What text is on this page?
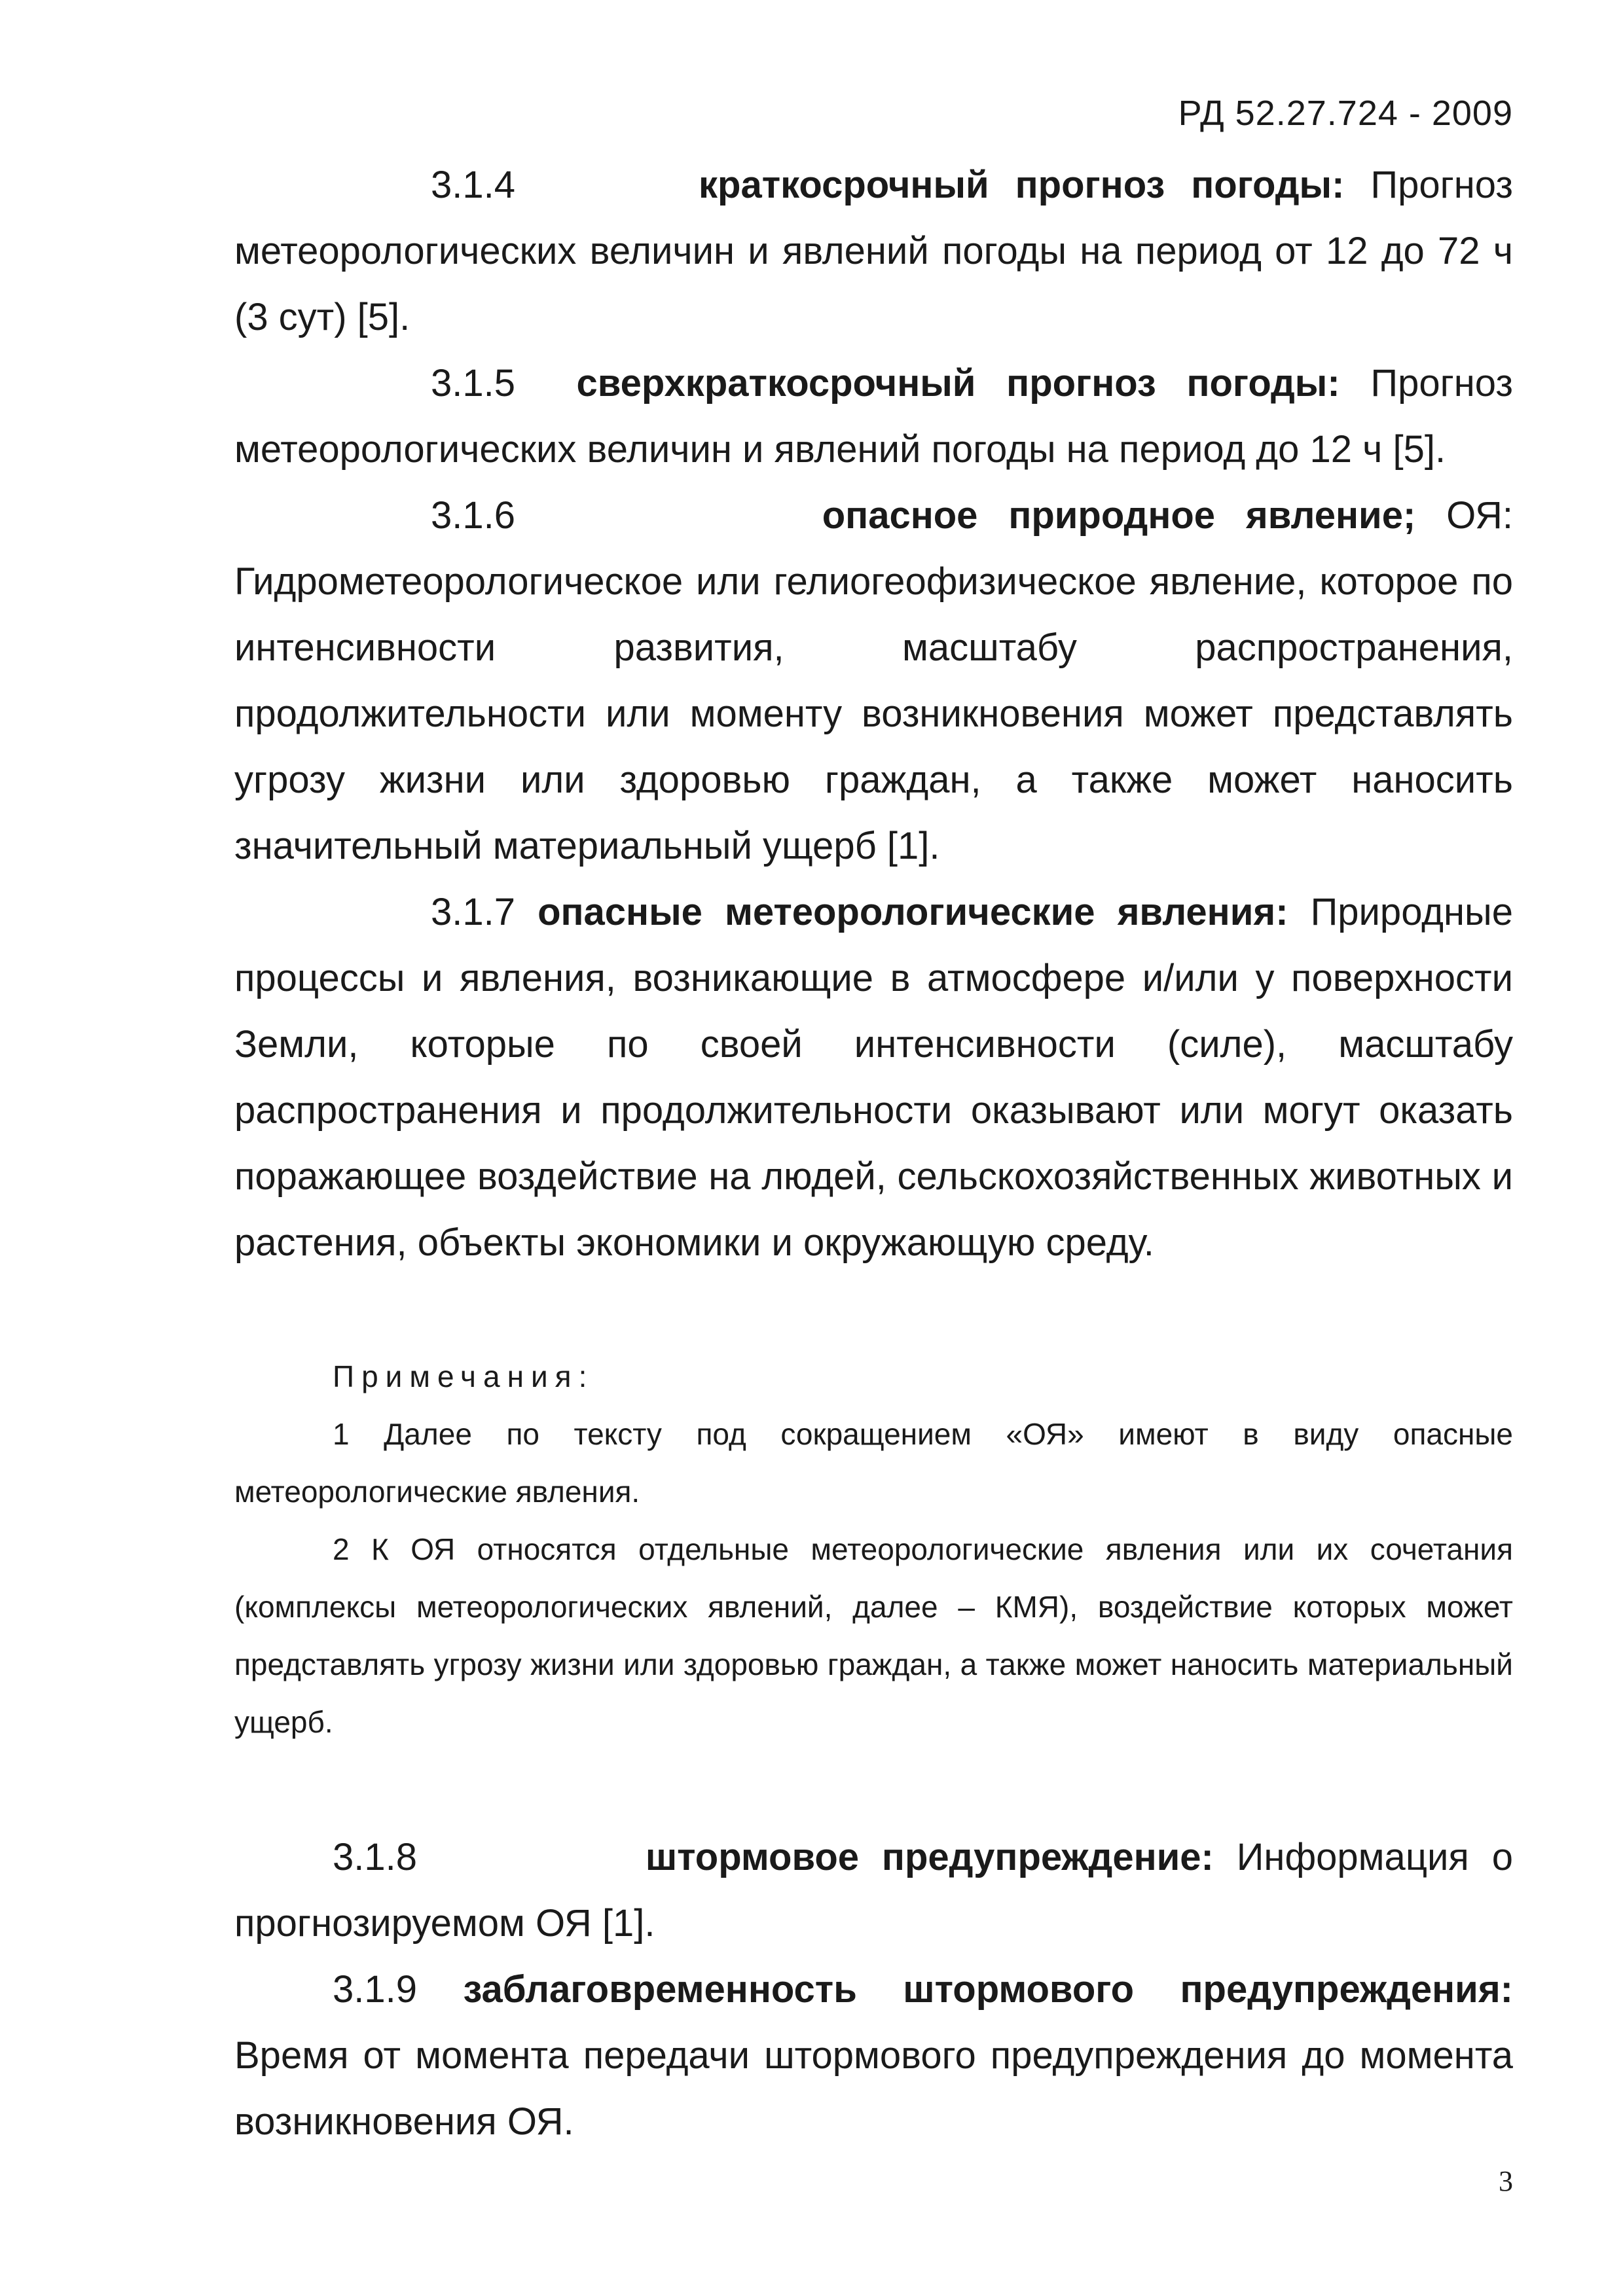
РД 52.27.724 - 2009

3.1.4	краткосрочный прогноз погоды: Прогноз метеорологических величин и явлений погоды на период от 12 до 72 ч (3 сут) [5].

3.1.5 сверхкраткосрочный прогноз погоды: Прогноз метеорологических величин и явлений погоды на период до 12 ч [5].

3.1.6	опасное природное явление; ОЯ: Гидрометеорологическое или гелиогеофизическое явление, которое по интенсивности развития, масштабу распространения, продолжительности или моменту возникновения может представлять угрозу жизни или здоровью граждан, а также может наносить значительный материальный ущерб [1].

3.1.7 опасные метеорологические явления: Природные процессы и явления, возникающие в атмосфере и/или у поверхности Земли, которые по своей интенсивности (силе), масштабу распространения и продолжительности оказывают или могут оказать поражающее воздействие на людей, сельскохозяйственных животных и растения, объекты экономики и окружающую среду.

Примечания:

1 Далее по тексту под сокращением «ОЯ» имеют в виду опасные метеорологические явления.

2 К ОЯ относятся отдельные метеорологические явления или их сочетания (комплексы метеорологических явлений, далее – КМЯ), воздействие которых может представлять угрозу жизни или здоровью граждан, а также может наносить материальный ущерб.

3.1.8	штормовое предупреждение: Информация о прогнозируемом ОЯ [1].

3.1.9 заблаговременность штормового предупреждения: Время от момента передачи штормового предупреждения до момента возникновения ОЯ.

3
